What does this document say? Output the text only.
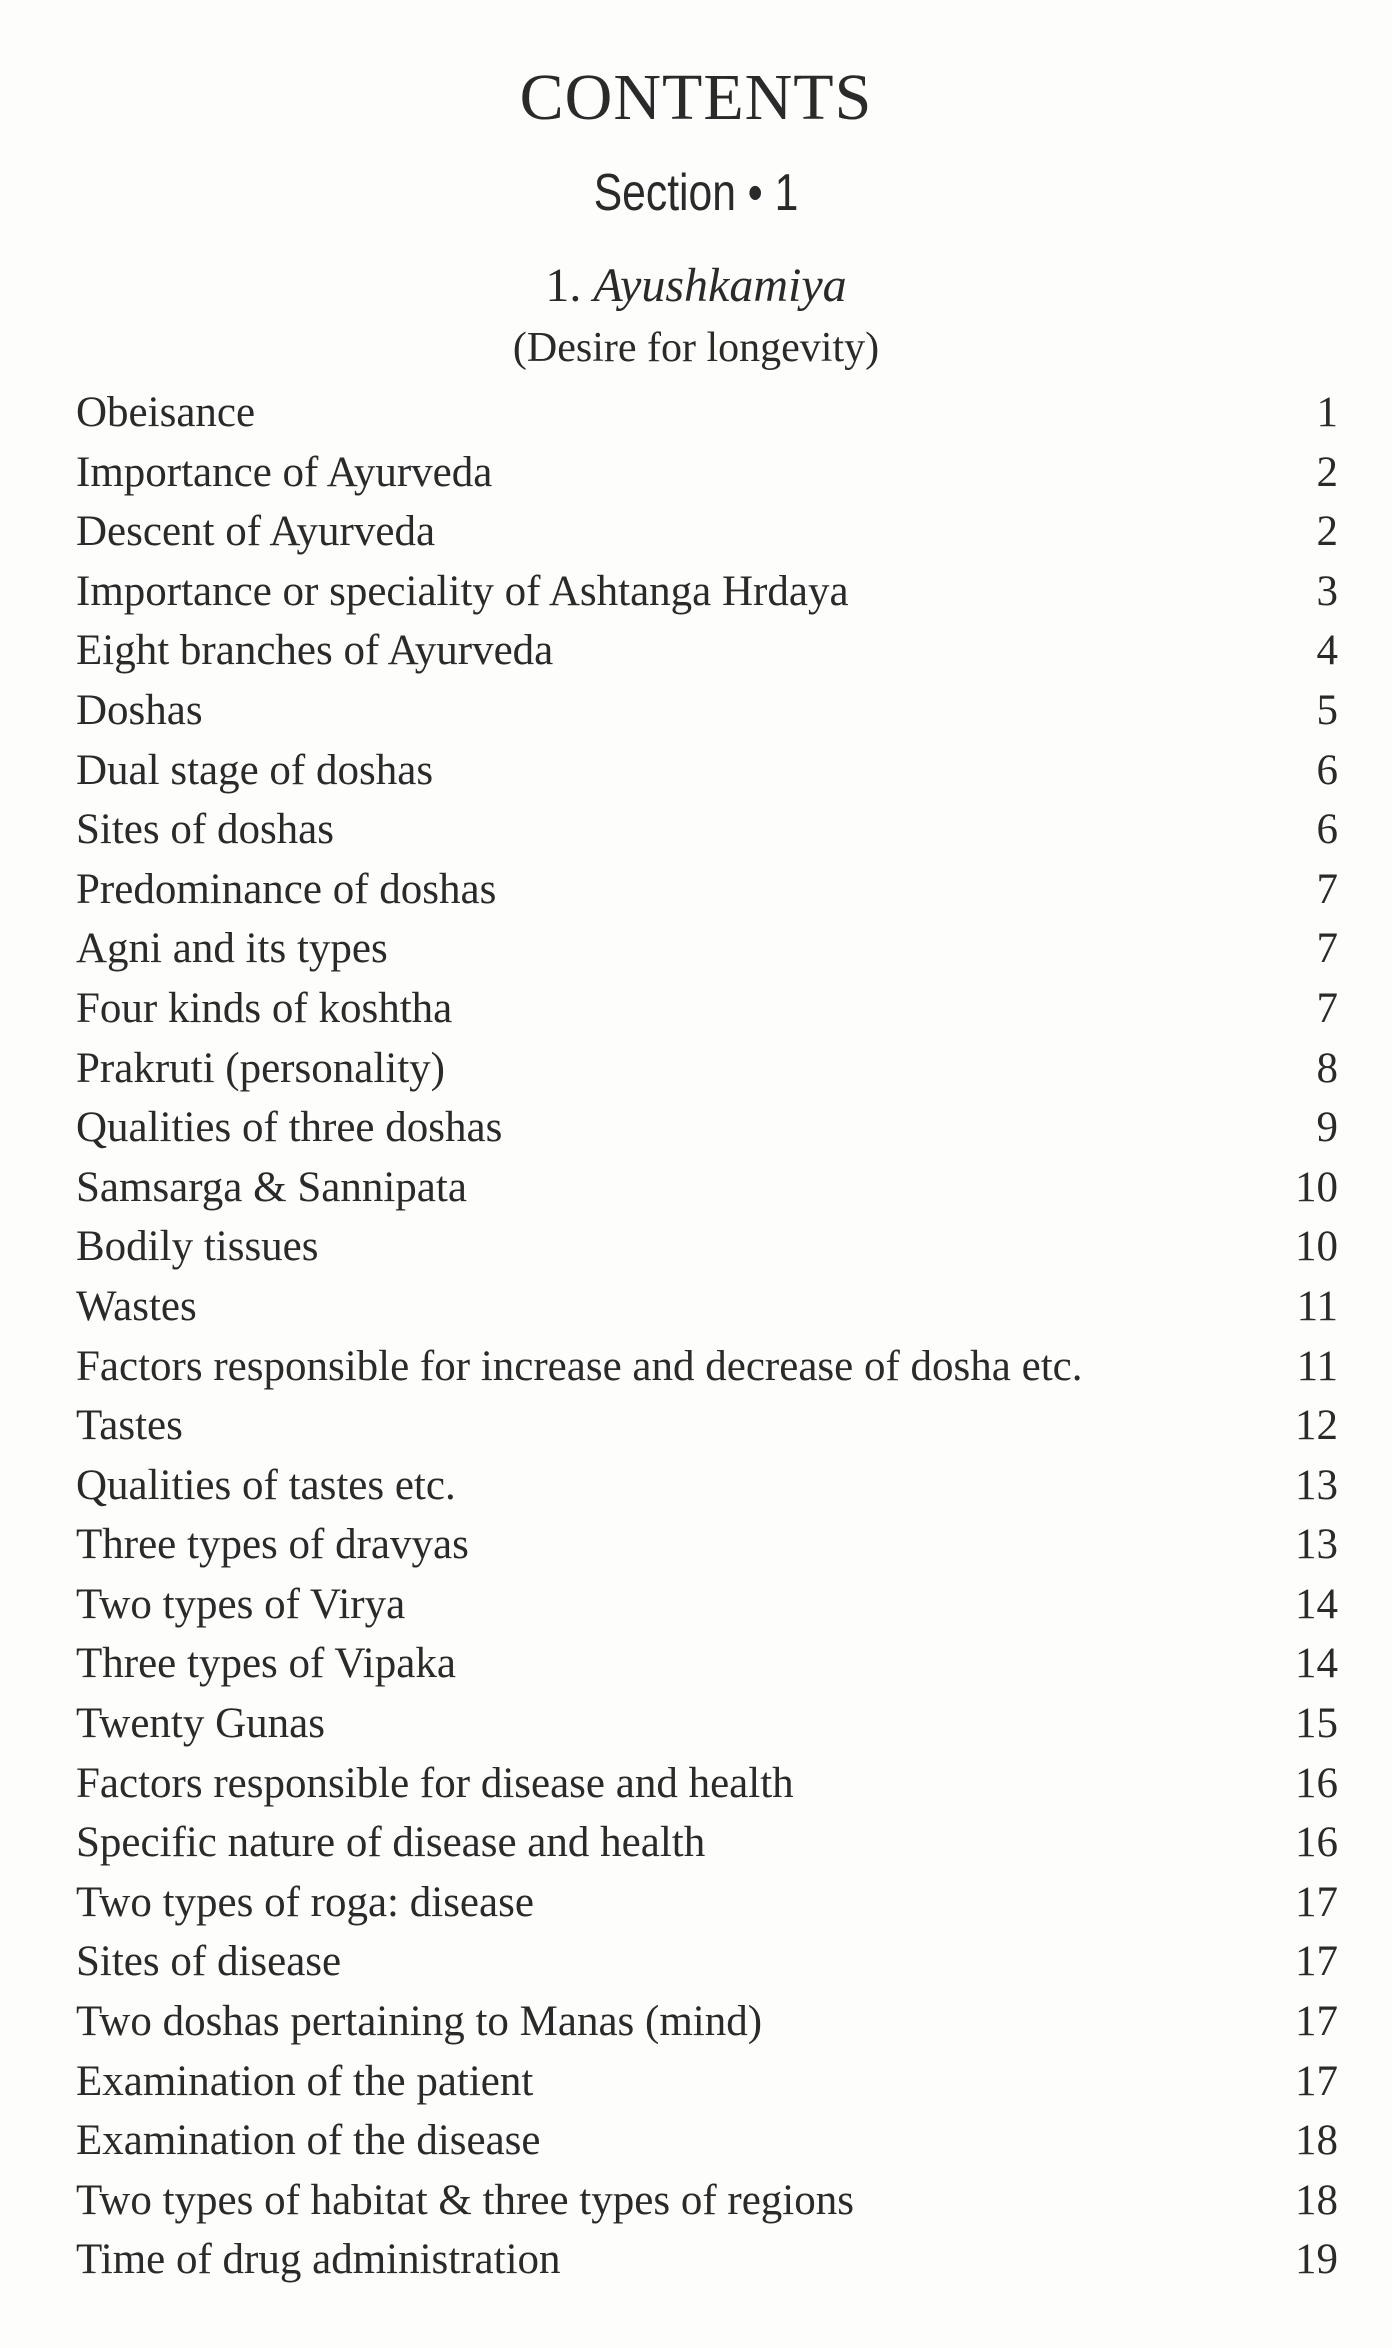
CONTENTS
Section • 1
1. Ayushkamiya
(Desire for longevity)
Obeisance	1
Importance of Ayurveda	2
Descent of Ayurveda	2
Importance or speciality of Ashtanga Hrdaya	3
Eight branches of Ayurveda	4
Doshas	5
Dual stage of doshas	6
Sites of doshas	6
Predominance of doshas	7
Agni and its types	7
Four kinds of koshtha	7
Prakruti (personality)	8
Qualities of three doshas	9
Samsarga & Sannipata	10
Bodily tissues	10
Wastes	11
Factors responsible for increase and decrease of dosha etc.	11
Tastes	12
Qualities of tastes etc.	13
Three types of dravyas	13
Two types of Virya	14
Three types of Vipaka	14
Twenty Gunas	15
Factors responsible for disease and health	16
Specific nature of disease and health	16
Two types of roga: disease	17
Sites of disease	17
Two doshas pertaining to Manas (mind)	17
Examination of the patient	17
Examination of the disease	18
Two types of habitat & three types of regions	18
Time of drug administration	19
